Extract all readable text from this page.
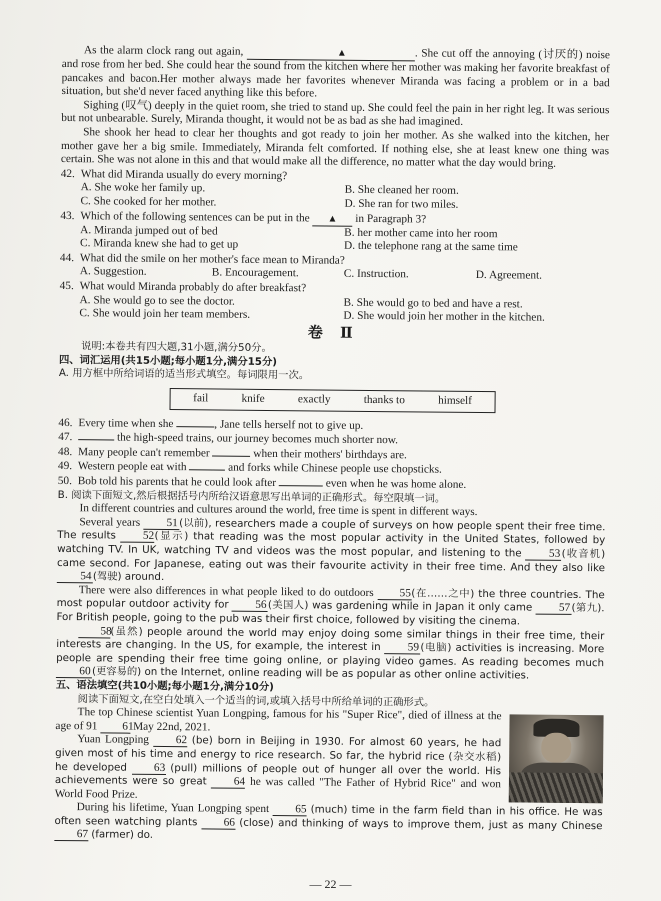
As the alarm clock rang out again,	▲	. She cut off the annoying (讨厌的) noise and rose from her bed. She could hear the sound from the kitchen where her mother was making her favorite breakfast of pancakes and bacon.Her mother always made her favorites whenever Miranda was facing a problem or in a bad situation, but she'd never faced anything like this before.

Sighing (叹气) deeply in the quiet room, she tried to stand up. She could feel the pain in her right leg. It was serious but not unbearable. Surely, Miranda thought, it would not be as bad as she had imagined.

She shook her head to clear her thoughts and got ready to join her mother. As she walked into the kitchen, her mother gave her a big smile. Immediately, Miranda felt comforted. If nothing else, she at least knew one thing was certain. She was not alone in this and that would make all the difference, no matter what the day would bring.

42. What did Miranda usually do every morning?
A. She woke her family up.	B. She cleaned her room.
C. She cooked for her mother.	D. She ran for two miles.
43. Which of the following sentences can be put in the ▲ in Paragraph 3?
A. Miranda jumped out of bed	B. her mother came into her room
C. Miranda knew she had to get up	D. the telephone rang at the same time
44. What did the smile on her mother's face mean to Miranda?
A. Suggestion.	B. Encouragement.	C. Instruction.	D. Agreement.
45. What would Miranda probably do after breakfast?
A. She would go to see the doctor.	B. She would go to bed and have a rest.
C. She would join her team members.	D. She would join her mother in the kitchen.
卷 Ⅱ

说明:本卷共有四大题,31小题,满分50分。

四、词汇运用(共15小题;每小题1分,满分15分)

A. 用方框中所给词语的适当形式填空。每词限用一次。

fail	knife	exactly	thanks to	himself
46. Every time when she	, Jane tells herself not to give up.
47.	the high-speed trains, our journey becomes much shorter now.
48. Many people can't remember	when their mothers' birthdays are.
49. Western people eat with	and forks while Chinese people use chopsticks.
50. Bob told his parents that he could look after	even when he was home alone.

B. 阅读下面短文,然后根据括号内所给汉语意思写出单词的正确形式。每空限填一词。

In different countries and cultures around the world, free time is spent in different ways.

Several years 51(以前), researchers made a couple of surveys on how people spent their free time. The results 52(显示) that reading was the most popular activity in the United States, followed by watching TV. In UK, watching TV and videos was the most popular, and listening to the 53(收音机) came second. For Japanese, eating out was their favourite activity in their free time. And they also like 54(驾驶) around.

There were also differences in what people liked to do outdoors 55(在……之中) the three countries. The most popular outdoor activity for 56(美国人) was gardening while in Japan it only came 57(第九). For British people, going to the pub was their first choice, followed by visiting the cinema.

58(虽然) people around the world may enjoy doing some similar things in their free time, their interests are changing. In the US, for example, the interest in 59(电脑) activities is increasing. More people are spending their free time going online, or playing video games. As reading becomes much 60(更容易的) on the Internet, online reading will be as popular as other online activities.

五、语法填空(共10小题;每小题1分,满分10分)

阅读下面短文,在空白处填入一个适当的词,或填入括号中所给单词的正确形式。

The top Chinese scientist Yuan Longping, famous for his "Super Rice", died of illness at the age of 91 61 May 22nd, 2021.

Yuan Longping 62 (be) born in Beijing in 1930. For almost 60 years, he had given most of his time and energy to rice research. So far, the hybrid rice (杂交水稻) he developed 63 (pull) millions of people out of hunger all over the world. His achievements were so great 64 he was called "The Father of Hybrid Rice" and won World Food Prize.

During his lifetime, Yuan Longping spent 65 (much) time in the farm field than in his office. He was often seen watching plants 66 (close) and thinking of ways to improve them, just as many Chinese 67 (farmer) do.

— 22 —
